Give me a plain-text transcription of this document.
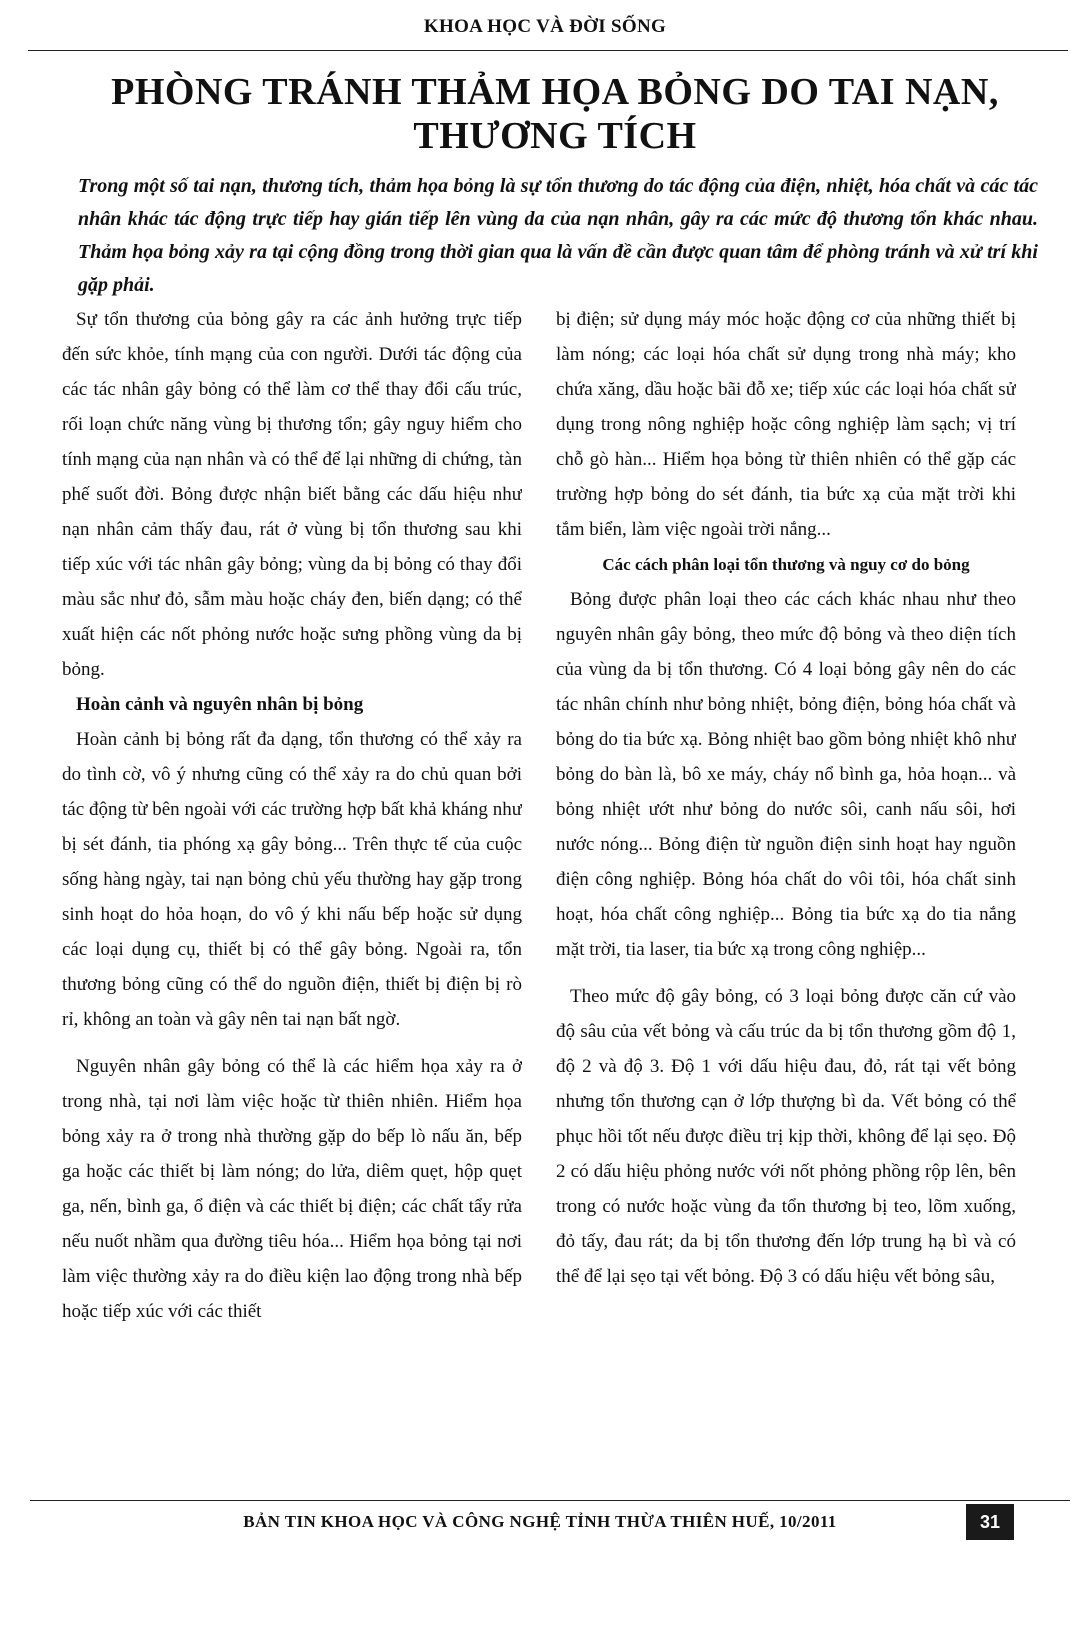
KHOA HỌC VÀ ĐỜI SỐNG
PHÒNG TRÁNH THẢM HỌA BỎNG DO TAI NẠN, THƯƠNG TÍCH

Trong một số tai nạn, thương tích, thảm họa bỏng là sự tổn thương do tác động của điện, nhiệt, hóa chất và các tác nhân khác tác động trực tiếp hay gián tiếp lên vùng da của nạn nhân, gây ra các mức độ thương tổn khác nhau. Thảm họa bỏng xảy ra tại cộng đồng trong thời gian qua là vấn đề cần được quan tâm để phòng tránh và xử trí khi gặp phải.

Sự tổn thương của bỏng gây ra các ảnh hưởng trực tiếp đến sức khỏe, tính mạng của con người. Dưới tác động của các tác nhân gây bỏng có thể làm cơ thể thay đổi cấu trúc, rối loạn chức năng vùng bị thương tổn; gây nguy hiểm cho tính mạng của nạn nhân và có thể để lại những di chứng, tàn phế suốt đời. Bỏng được nhận biết bằng các dấu hiệu như nạn nhân cảm thấy đau, rát ở vùng bị tổn thương sau khi tiếp xúc với tác nhân gây bỏng; vùng da bị bỏng có thay đổi màu sắc như đỏ, sẫm màu hoặc cháy đen, biến dạng; có thể xuất hiện các nốt phỏng nước hoặc sưng phồng vùng da bị bỏng.

Hoàn cảnh và nguyên nhân bị bỏng

Hoàn cảnh bị bỏng rất đa dạng, tổn thương có thể xảy ra do tình cờ, vô ý nhưng cũng có thể xảy ra do chủ quan bởi tác động từ bên ngoài với các trường hợp bất khả kháng như bị sét đánh, tia phóng xạ gây bỏng... Trên thực tế của cuộc sống hàng ngày, tai nạn bỏng chủ yếu thường hay gặp trong sinh hoạt do hỏa hoạn, do vô ý khi nấu bếp hoặc sử dụng các loại dụng cụ, thiết bị có thể gây bỏng. Ngoài ra, tổn thương bỏng cũng có thể do nguồn điện, thiết bị điện bị rò rỉ, không an toàn và gây nên tai nạn bất ngờ.

Nguyên nhân gây bỏng có thể là các hiểm họa xảy ra ở trong nhà, tại nơi làm việc hoặc từ thiên nhiên. Hiểm họa bỏng xảy ra ở trong nhà thường gặp do bếp lò nấu ăn, bếp ga hoặc các thiết bị làm nóng; do lửa, diêm quẹt, hộp quẹt ga, nến, bình ga, ổ điện và các thiết bị điện; các chất tẩy rửa nếu nuốt nhầm qua đường tiêu hóa... Hiểm họa bỏng tại nơi làm việc thường xảy ra do điều kiện lao động trong nhà bếp hoặc tiếp xúc với các thiết

bị điện; sử dụng máy móc hoặc động cơ của những thiết bị làm nóng; các loại hóa chất sử dụng trong nhà máy; kho chứa xăng, dầu hoặc bãi đỗ xe; tiếp xúc các loại hóa chất sử dụng trong nông nghiệp hoặc công nghiệp làm sạch; vị trí chỗ gò hàn... Hiểm họa bỏng từ thiên nhiên có thể gặp các trường hợp bỏng do sét đánh, tia bức xạ của mặt trời khi tắm biển, làm việc ngoài trời nắng...

Các cách phân loại tổn thương và nguy cơ do bỏng

Bỏng được phân loại theo các cách khác nhau như theo nguyên nhân gây bỏng, theo mức độ bỏng và theo diện tích của vùng da bị tổn thương. Có 4 loại bỏng gây nên do các tác nhân chính như bỏng nhiệt, bỏng điện, bỏng hóa chất và bỏng do tia bức xạ. Bỏng nhiệt bao gồm bỏng nhiệt khô như bỏng do bàn là, bô xe máy, cháy nổ bình ga, hỏa hoạn... và bỏng nhiệt ướt như bỏng do nước sôi, canh nấu sôi, hơi nước nóng... Bỏng điện từ nguồn điện sinh hoạt hay nguồn điện công nghiệp. Bỏng hóa chất do vôi tôi, hóa chất sinh hoạt, hóa chất công nghiệp... Bỏng tia bức xạ do tia nắng mặt trời, tia laser, tia bức xạ trong công nghiệp...

Theo mức độ gây bỏng, có 3 loại bỏng được căn cứ vào độ sâu của vết bỏng và cấu trúc da bị tổn thương gồm độ 1, độ 2 và độ 3. Độ 1 với dấu hiệu đau, đỏ, rát tại vết bỏng nhưng tổn thương cạn ở lớp thượng bì da. Vết bỏng có thể phục hồi tốt nếu được điều trị kịp thời, không để lại sẹo. Độ 2 có dấu hiệu phỏng nước với nốt phỏng phồng rộp lên, bên trong có nước hoặc vùng đa tổn thương bị teo, lõm xuống, đỏ tấy, đau rát; da bị tổn thương đến lớp trung hạ bì và có thể để lại sẹo tại vết bỏng. Độ 3 có dấu hiệu vết bỏng sâu,

BẢN TIN KHOA HỌC VÀ CÔNG NGHỆ TỈNH THỪA THIÊN HUẾ, 10/2011	31
